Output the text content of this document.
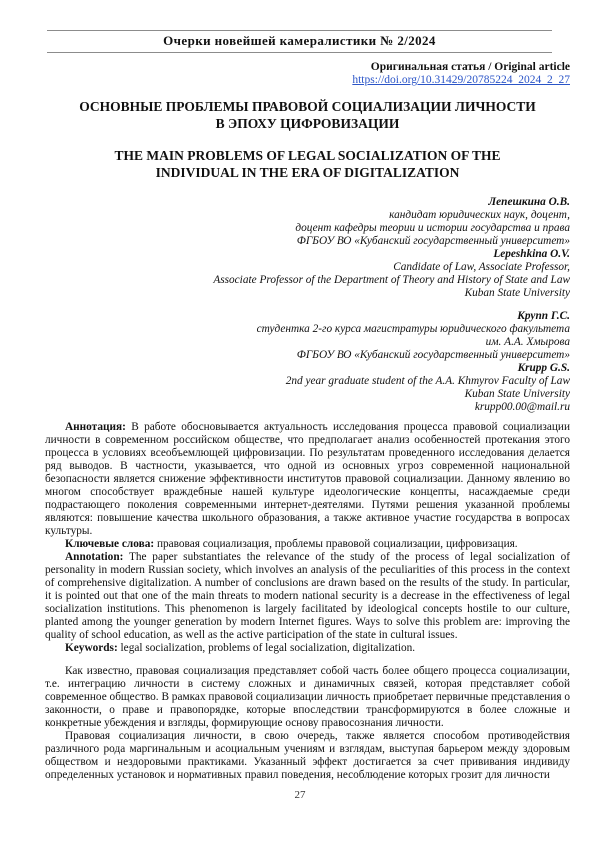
Очерки новейшей камералистики № 2/2024
Оригинальная статья / Original article
https://doi.org/10.31429/20785224_2024_2_27
ОСНОВНЫЕ ПРОБЛЕМЫ ПРАВОВОЙ СОЦИАЛИЗАЦИИ ЛИЧНОСТИ В ЭПОХУ ЦИФРОВИЗАЦИИ
THE MAIN PROBLEMS OF LEGAL SOCIALIZATION OF THE INDIVIDUAL IN THE ERA OF DIGITALIZATION
Лепешкина О.В.
кандидат юридических наук, доцент,
доцент кафедры теории и истории государства и права
ФГБОУ ВО «Кубанский государственный университет»
Lepeshkina O.V.
Candidate of Law, Associate Professor,
Associate Professor of the Department of Theory and History of State and Law
Kuban State University
Крупп Г.С.
студентка 2-го курса магистратуры юридического факультета
им. А.А. Хмырова
ФГБОУ ВО «Кубанский государственный университет»
Krupp G.S.
2nd year graduate student of the A.A. Khmyrov Faculty of Law
Kuban State University
krupp00.00@mail.ru

Аннотация: В работе обосновывается актуальность исследования процесса правовой социализации личности в современном российском обществе, что предполагает анализ особенностей протекания этого процесса в условиях всеобъемлющей цифровизации. По результатам проведенного исследования делается ряд выводов. В частности, указывается, что одной из основных угроз современной национальной безопасности является снижение эффективности институтов правовой социализации. Данному явлению во многом способствует враждебные нашей культуре идеологические концепты, насаждаемые среди подрастающего поколения современными интернет-деятелями. Путями решения указанной проблемы являются: повышение качества школьного образования, а также активное участие государства в вопросах культуры.

Ключевые слова: правовая социализация, проблемы правовой социализации, цифровизация.

Annotation: The paper substantiates the relevance of the study of the process of legal socialization of personality in modern Russian society, which involves an analysis of the peculiarities of this process in the context of comprehensive digitalization. A number of conclusions are drawn based on the results of the study. In particular, it is pointed out that one of the main threats to modern national security is a decrease in the effectiveness of legal socialization institutions. This phenomenon is largely facilitated by ideological concepts hostile to our culture, planted among the younger generation by modern Internet figures. Ways to solve this problem are: improving the quality of school education, as well as the active participation of the state in cultural issues.

Keywords: legal socialization, problems of legal socialization, digitalization.

Как известно, правовая социализация представляет собой часть более общего процесса социализации, т.е. интеграцию личности в систему сложных и динамичных связей, которая представляет собой современное общество. В рамках правовой социализации личность приобретает первичные представления о законности, о праве и правопорядке, которые впоследствии трансформируются в более сложные и конкретные убеждения и взгляды, формирующие основу правосознания личности.

Правовая социализация личности, в свою очередь, также является способом противодействия различного рода маргинальным и асоциальным учениям и взглядам, выступая барьером между здоровым обществом и нездоровыми практиками. Указанный эффект достигается за счет прививания индивиду определенных установок и нормативных правил поведения, несоблюдение которых грозит для личности

27
